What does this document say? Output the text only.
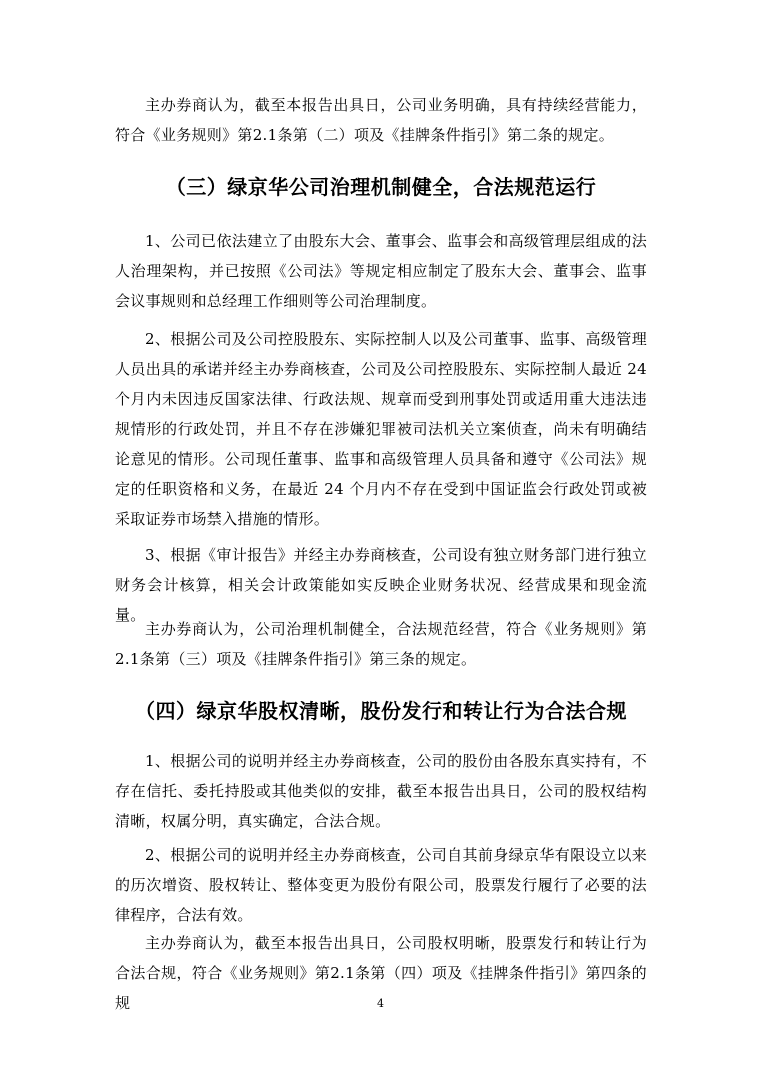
主办券商认为，截至本报告出具日，公司业务明确，具有持续经营能力，符合《业务规则》第2.1条第（二）项及《挂牌条件指引》第二条的规定。

（三）绿京华公司治理机制健全，合法规范运行

1、公司已依法建立了由股东大会、董事会、监事会和高级管理层组成的法人治理架构，并已按照《公司法》等规定相应制定了股东大会、董事会、监事会议事规则和总经理工作细则等公司治理制度。

2、根据公司及公司控股股东、实际控制人以及公司董事、监事、高级管理人员出具的承诺并经主办券商核查，公司及公司控股股东、实际控制人最近 24 个月内未因违反国家法律、行政法规、规章而受到刑事处罚或适用重大违法违规情形的行政处罚，并且不存在涉嫌犯罪被司法机关立案侦查，尚未有明确结论意见的情形。公司现任董事、监事和高级管理人员具备和遵守《公司法》规定的任职资格和义务，在最近 24 个月内不存在受到中国证监会行政处罚或被采取证券市场禁入措施的情形。

3、根据《审计报告》并经主办券商核查，公司设有独立财务部门进行独立财务会计核算，相关会计政策能如实反映企业财务状况、经营成果和现金流量。

主办券商认为，公司治理机制健全，合法规范经营，符合《业务规则》第2.1条第（三）项及《挂牌条件指引》第三条的规定。

（四）绿京华股权清晰，股份发行和转让行为合法合规

1、根据公司的说明并经主办券商核查，公司的股份由各股东真实持有，不存在信托、委托持股或其他类似的安排，截至本报告出具日，公司的股权结构清晰，权属分明，真实确定，合法合规。

2、根据公司的说明并经主办券商核查，公司自其前身绿京华有限设立以来的历次增资、股权转让、整体变更为股份有限公司，股票发行履行了必要的法律程序，合法有效。

主办券商认为，截至本报告出具日，公司股权明晰，股票发行和转让行为合法合规，符合《业务规则》第2.1条第（四）项及《挂牌条件指引》第四条的规	4
